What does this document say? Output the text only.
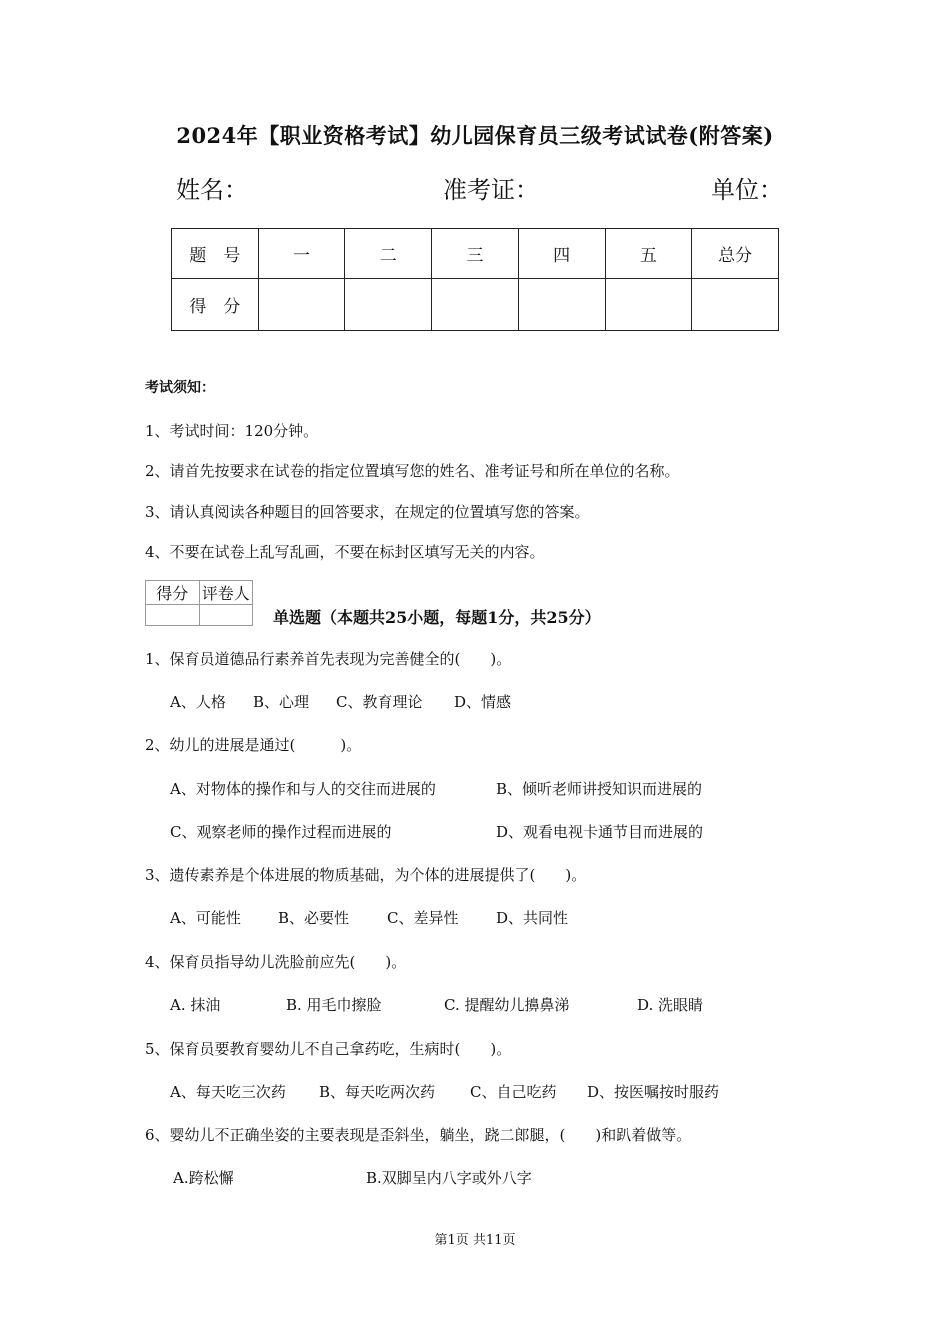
2024年【职业资格考试】幼儿园保育员三级考试试卷(附答案)
姓名：	准考证：	单位：
题　号	一	二	三	四	五	总分
得　分						
考试须知：
1、考试时间：120分钟。
2、请首先按要求在试卷的指定位置填写您的姓名、准考证号和所在单位的名称。
3、请认真阅读各种题目的回答要求，在规定的位置填写您的答案。
4、不要在试卷上乱写乱画，不要在标封区填写无关的内容。
得分	评卷人

单选题（本题共25小题，每题1分，共25分）
1、保育员道德品行素养首先表现为完善健全的(　　)。
A、人格 B、心理 C、教育理论 D、情感
2、幼儿的进展是通过(　　　)。
A、对物体的操作和与人的交往而进展的	B、倾听老师讲授知识而进展的
C、观察老师的操作过程而进展的	D、观看电视卡通节目而进展的
3、遗传素养是个体进展的物质基础，为个体的进展提供了(　　)。
A、可能性 B、必要性	C、差异性	D、共同性
4、保育员指导幼儿洗脸前应先(　　)。
A. 抹油	B. 用毛巾擦脸	C. 提醒幼儿擤鼻涕	D. 洗眼睛
5、保育员要教育婴幼儿不自己拿药吃，生病时(　　)。
A、每天吃三次药 B、每天吃两次药 C、自己吃药 D、按医嘱按时服药
6、婴幼儿不正确坐姿的主要表现是歪斜坐，躺坐，跷二郎腿，(　　)和趴着做等。
A.跨松懈	B.双脚呈内八字或外八字
第1页 共11页
